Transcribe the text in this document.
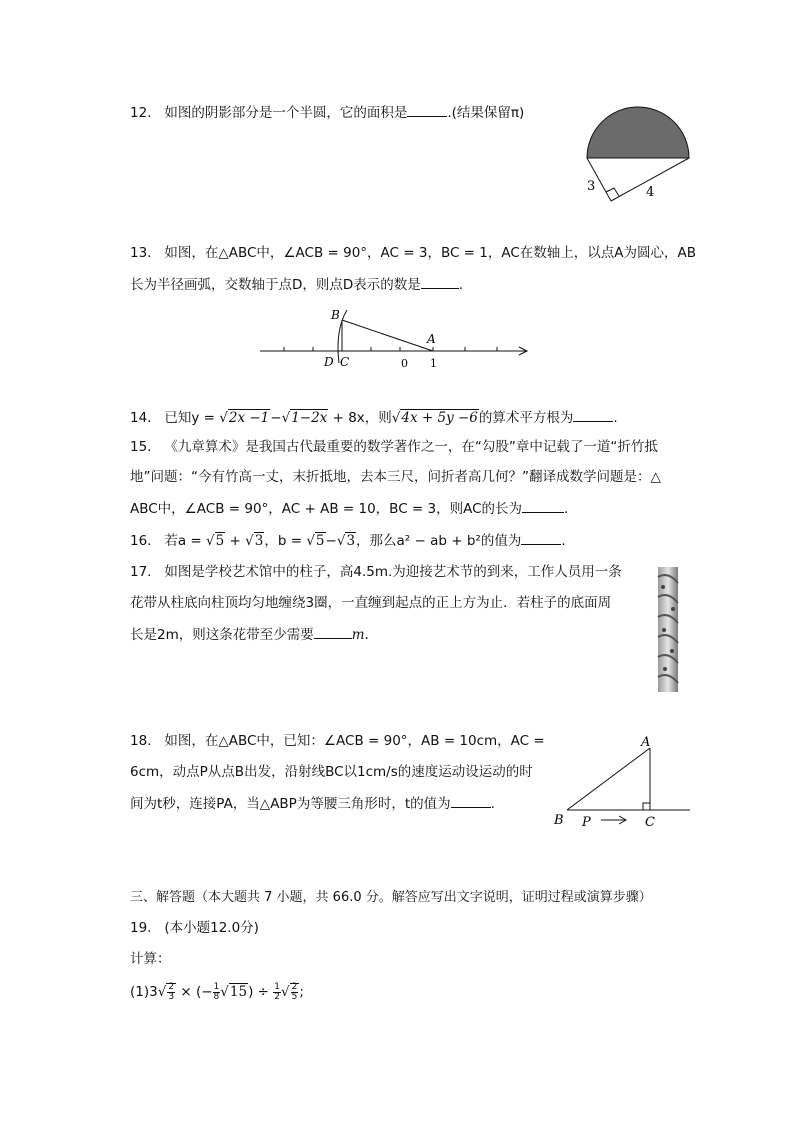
12. 如图的阴影部分是一个半圆，它的面积是	.(结果保留π)
3	4
13. 如图，在△ABC中，∠ACB = 90°，AC = 3，BC = 1，AC在数轴上，以点A为圆心，AB
长为半径画弧，交数轴于点D，则点D表示的数是	.
B
A
D C	0 1
14. 已知y = √2x −1−√1−2x + 8x，则√4x + 5y −6的算术平方根为	.
15. 《九章算术》是我国古代最重要的数学著作之一，在“勾股”章中记载了一道“折竹抵
地”问题：“今有竹高一丈，末折抵地，去本三尺，问折者高几何？”翻译成数学问题是：△
ABC中，∠ACB = 90°，AC + AB = 10，BC = 3，则AC的长为	.
16. 若a = √5 + √3，b = √5−√3，那么a² − ab + b²的值为	.
17. 如图是学校艺术馆中的柱子，高4.5m.为迎接艺术节的到来，工作人员用一条
花带从柱底向柱顶均匀地缠绕3圈，一直缠到起点的正上方为止．若柱子的底面周
长是2m，则这条花带至少需要	m.
18. 如图，在△ABC中，已知：∠ACB = 90°，AB = 10cm，AC =
6cm，动点P从点B出发，沿射线BC以1cm/s的速度运动设运动的时
间为t秒，连接PA，当△ABP为等腰三角形时，t的值为	.
A
B P	C
三、解答题（本大题共 7 小题，共 66.0 分。解答应写出文字说明，证明过程或演算步骤）
19. (本小题12.0分)
计算：
$(1)3√ \frac{2}{3}$ × (− $\frac{1}{8} √15) \div \frac{1}{2}$ √ $\frac{2}{5}$ ;
